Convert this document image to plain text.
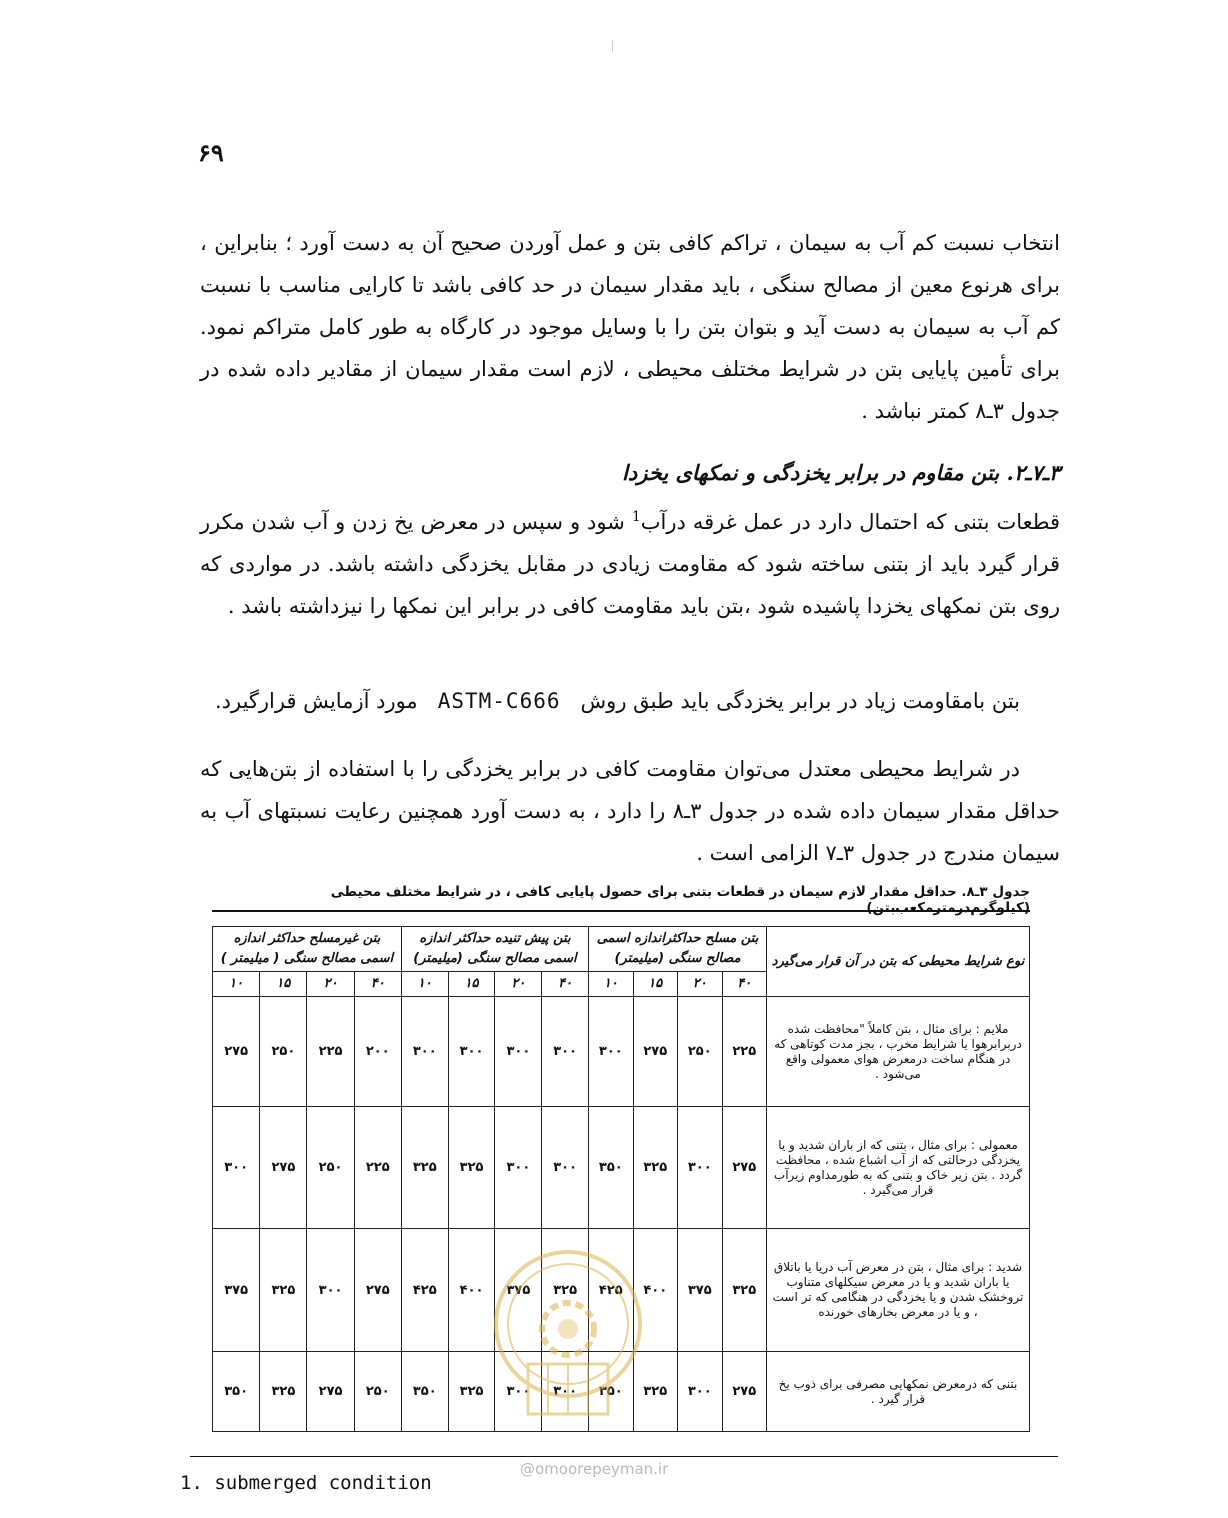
۶۹
انتخاب نسبت کم آب به سیمان ، تراکم کافی بتن و عمل آوردن صحیح آن به دست آورد ؛ بنابراین ، برای هرنوع معین از مصالح سنگی ، باید مقدار سیمان در حد کافی باشد تا کارایی مناسب با نسبت کم آب به سیمان به دست آید و بتوان بتن را با وسایل موجود در کارگاه به طور کامل متراکم نمود. برای تأمین پایایی بتن در شرایط مختلف محیطی ، لازم است مقدار سیمان از مقادیر داده شده در جدول ۳ـ۸ کمتر نباشد .
۳ـ۷ـ۲. بتن مقاوم در برابر یخزدگی و نمکهای یخزدا
قطعات بتنی که احتمال دارد در عمل غرقه درآب$^1$ شود و سپس در معرض یخ زدن و آب شدن مکرر قرار گیرد باید از بتنی ساخته شود که مقاومت زیادی در مقابل یخزدگی داشته باشد. در مواردی که روی بتن نمکهای یخزدا پاشیده شود ،بتن باید مقاومت کافی در برابر این نمکها را نیزداشته باشد .
بتن بامقاومت زیاد در برابر یخزدگی باید طبق روش   ASTM-C666   مورد آزمایش قرارگیرد.
در شرایط محیطی معتدل می‌توان مقاومت کافی در برابر یخزدگی را با استفاده از بتن‌هایی که حداقل مقدار سیمان داده شده در جدول ۳ـ۸ را دارد ، به دست آورد همچنین رعایت نسبتهای آب به سیمان مندرج در جدول ۳ـ۷ الزامی است .
جدول ۳ـ۸. حداقل مقدار لازم سیمان در قطعات بتنی برای حصول پایایی کافی ، در شرایط مختلف محیطی (کیلوگرم‌درمترمکعب‌بتن)
نوع شرایط محیطی که بتن در آن قرار می‌گیرد	بتن مسلح حداکثراندازه اسمی مصالح سنگی (میلیمتر)				بتن پیش تنیده حداکثر اندازه اسمی مصالح سنگی (میلیمتر)				بتن غیرمسلح حداکثر اندازه اسمی مصالح سنگی ( میلیمتر )			
	۴۰	۲۰	۱۵	۱۰	۴۰	۲۰	۱۵	۱۰	۴۰	۲۰	۱۵	۱۰
ملایم : برای مثال ، بتن کاملاً "محافظت شده دربرابرهوا یا شرایط مخرب ، بجز مدت کوتاهی که در هنگام ساخت درمعرض هوای معمولی واقع می‌شود .	۲۲۵	۲۵۰	۲۷۵	۳۰۰	۳۰۰	۳۰۰	۳۰۰	۳۰۰	۲۰۰	۲۲۵	۲۵۰	۲۷۵
معمولی : برای مثال ، بتنی که از باران شدید و یا یخزدگی درحالتی که از آب اشباع شده ، محافظت گردد . بتن زیر خاک و بتنی که به طورمداوم زیرآب قرار می‌گیرد .	۲۷۵	۳۰۰	۳۲۵	۳۵۰	۳۰۰	۳۰۰	۳۲۵	۳۲۵	۲۲۵	۲۵۰	۲۷۵	۳۰۰
شدید : برای مثال ، بتن در معرض آب دریا یا باتلاق یا باران شدید و یا در معرض سیکلهای متناوب تروخشک شدن و یا یخزدگی در هنگامی که تر است ، و یا در معرض بخارهای خورنده	۳۲۵	۳۷۵	۴۰۰	۴۲۵	۳۲۵	۳۷۵	۴۰۰	۴۲۵	۲۷۵	۳۰۰	۳۲۵	۳۷۵
بتنی که درمعرض نمکهایی مصرفی برای ذوب یخ قرار گیرد .	۲۷۵	۳۰۰	۳۲۵	۳۵۰	۳۰۰	۳۰۰	۳۲۵	۳۵۰	۲۵۰	۲۷۵	۳۲۵	۳۵۰
1. submerged condition
@omoorepeyman.ir
